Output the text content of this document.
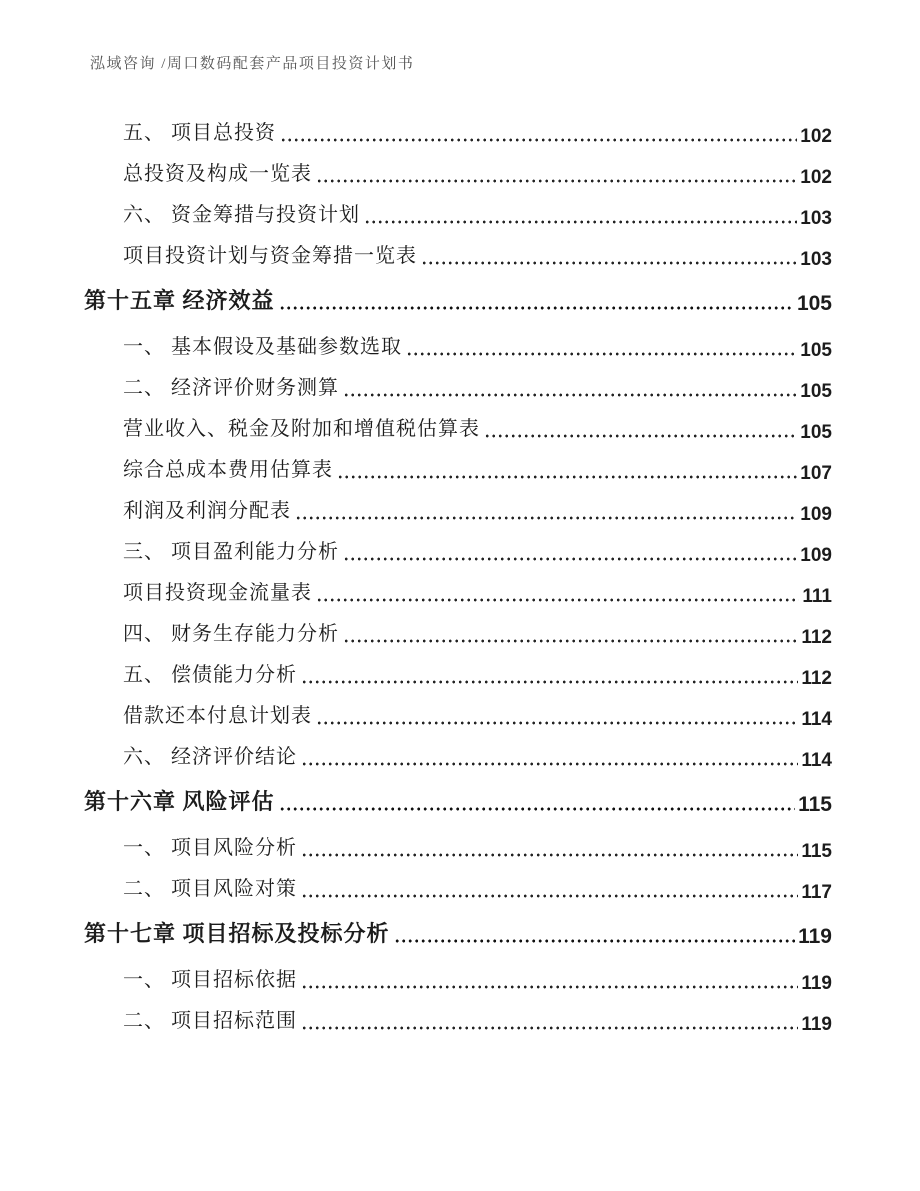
泓域咨询 /周口数码配套产品项目投资计划书
五、 项目总投资	102
总投资及构成一览表	102
六、 资金筹措与投资计划	103
项目投资计划与资金筹措一览表	103
第十五章 经济效益	105
一、 基本假设及基础参数选取	105
二、 经济评价财务测算	105
营业收入、税金及附加和增值税估算表	105
综合总成本费用估算表	107
利润及利润分配表	109
三、 项目盈利能力分析	109
项目投资现金流量表	111
四、 财务生存能力分析	112
五、 偿债能力分析	112
借款还本付息计划表	114
六、 经济评价结论	114
第十六章 风险评估	115
一、 项目风险分析	115
二、 项目风险对策	117
第十七章 项目招标及投标分析	119
一、 项目招标依据	119
二、 项目招标范围	119
